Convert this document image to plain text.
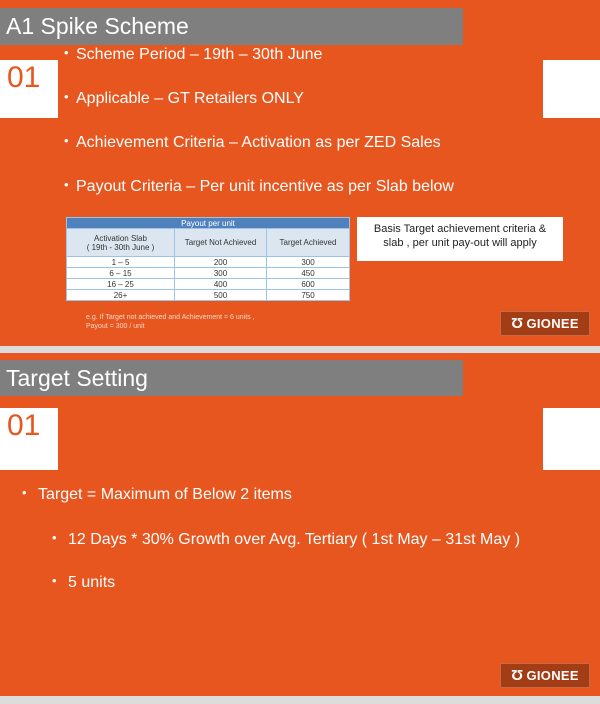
A1 Spike Scheme
01
• Scheme Period – 19th – 30th June
• Applicable – GT Retailers ONLY
• Achievement Criteria – Activation as per ZED Sales
• Payout Criteria – Per unit incentive as per Slab below
Payout per unit		
Activation Slab
( 19th - 30th June )	Target Not Achieved	Target Achieved
1 – 5	200	300
6 – 15	300	450
16 – 25	400	600
26+	500	750
Basis Target achievement criteria & slab , per unit pay-out will apply
e.g. If Target not achieved and Achievement = 6 units ,
Payout = 300 / unit	Ʊ GIONEE
Target Setting
01
• Target = Maximum of Below 2 items
• 12 Days * 30% Growth over Avg. Tertiary ( 1st May – 31st May )
• 5 units
Ʊ GIONEE
